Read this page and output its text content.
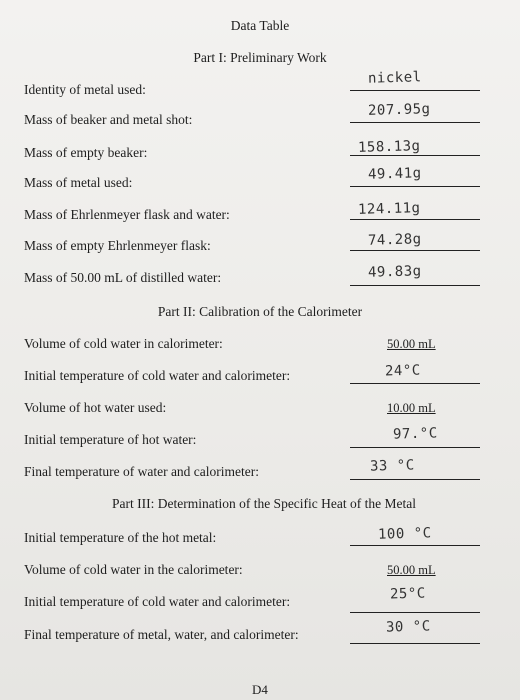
Data Table
Part I: Preliminary Work
Identity of metal used:
nickel
Mass of beaker and metal shot:
207.95g
Mass of empty beaker:	158.13g
Mass of metal used:	49.41g
Mass of Ehrlenmeyer flask and water:	124.11g
Mass of empty Ehrlenmeyer flask:	74.28g
Mass of 50.00 mL of distilled water:	49.83g
Part II: Calibration of the Calorimeter
Volume of cold water in calorimeter:	50.00 mL
Initial temperature of cold water and calorimeter:	24°C
Volume of hot water used:	10.00 mL
Initial temperature of hot water:	97.°C
Final temperature of water and calorimeter:	33 °C
Part III: Determination of the Specific Heat of the Metal
Initial temperature of the hot metal:	100 °C
Volume of cold water in the calorimeter:	50.00 mL
Initial temperature of cold water and calorimeter:	25°C
Final temperature of metal, water, and calorimeter:	30 °C
D4
